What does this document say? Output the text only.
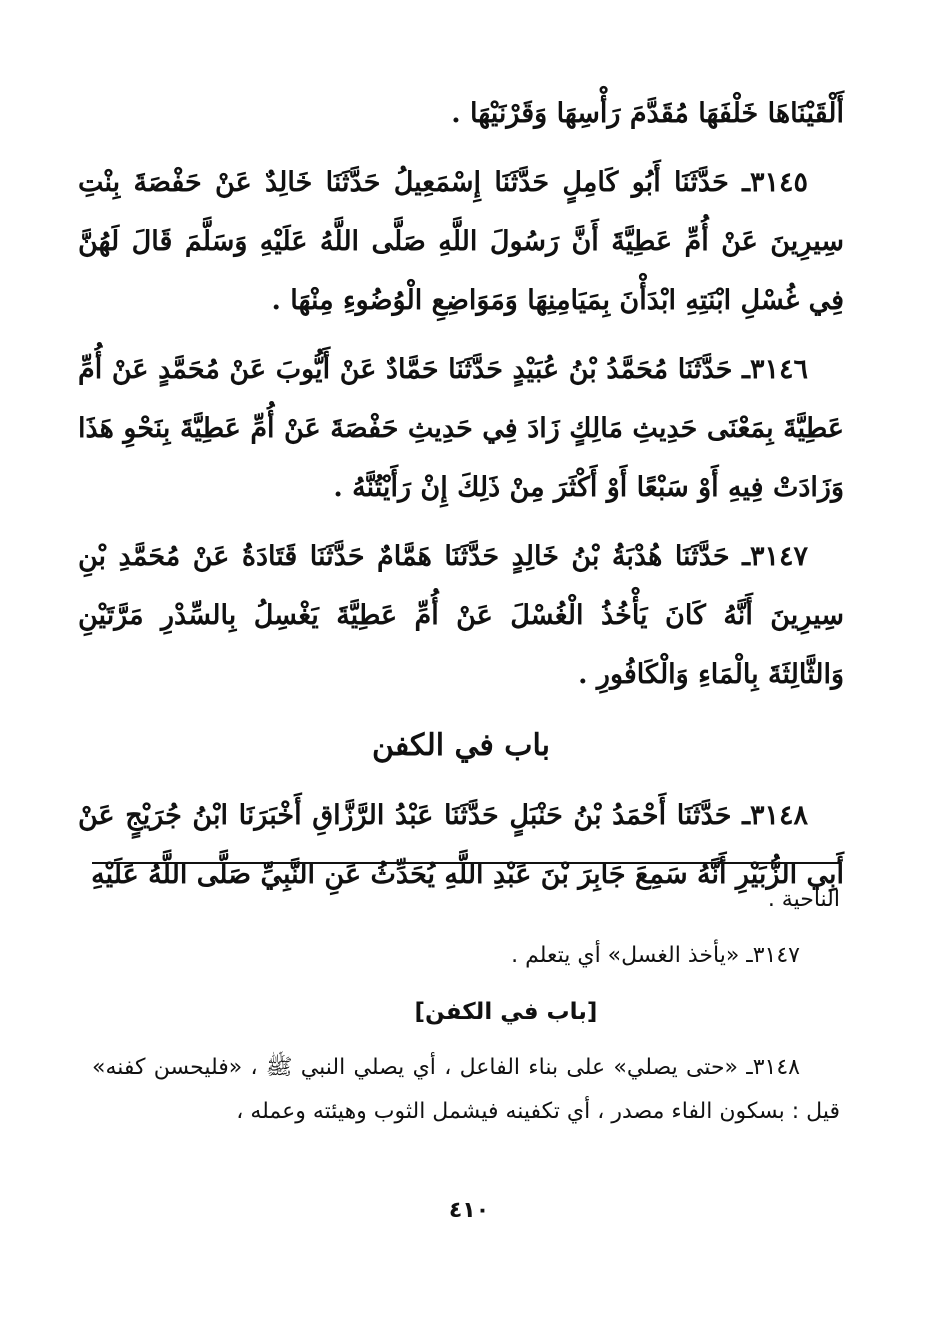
أَلْقَيْنَاهَا خَلْفَهَا مُقَدَّمَ رَأْسِهَا وَقَرْنَيْهَا .

٣١٤٥ـ حَدَّثَنَا أَبُو كَامِلٍ حَدَّثَنَا إِسْمَعِيلُ حَدَّثَنَا خَالِدٌ عَنْ حَفْصَةَ بِنْتِ سِيرِينَ عَنْ أُمِّ عَطِيَّةَ أَنَّ رَسُولَ اللَّهِ صَلَّى اللَّهُ عَلَيْهِ وَسَلَّمَ قَالَ لَهُنَّ فِي غُسْلِ ابْنَتِهِ ابْدَأْنَ بِمَيَامِنِهَا وَمَوَاضِعِ الْوُضُوءِ مِنْهَا .

٣١٤٦ـ حَدَّثَنَا مُحَمَّدُ بْنُ عُبَيْدٍ حَدَّثَنَا حَمَّادٌ عَنْ أَيُّوبَ عَنْ مُحَمَّدٍ عَنْ أُمِّ عَطِيَّةَ بِمَعْنَى حَدِيثِ مَالِكٍ زَادَ فِي حَدِيثِ حَفْصَةَ عَنْ أُمِّ عَطِيَّةَ بِنَحْوِ هَذَا وَزَادَتْ فِيهِ أَوْ سَبْعًا أَوْ أَكْثَرَ مِنْ ذَلِكَ إِنْ رَأَيْتُنَّهُ .

٣١٤٧ـ حَدَّثَنَا هُدْبَةُ بْنُ خَالِدٍ حَدَّثَنَا هَمَّامٌ حَدَّثَنَا قَتَادَةُ عَنْ مُحَمَّدِ بْنِ سِيرِينَ أَنَّهُ كَانَ يَأْخُذُ الْغُسْلَ عَنْ أُمِّ عَطِيَّةَ يَغْسِلُ بِالسِّدْرِ مَرَّتَيْنِ وَالثَّالِثَةَ بِالْمَاءِ وَالْكَافُورِ .

باب في الكفن

٣١٤٨ـ حَدَّثَنَا أَحْمَدُ بْنُ حَنْبَلٍ حَدَّثَنَا عَبْدُ الرَّزَّاقِ أَخْبَرَنَا ابْنُ جُرَيْجٍ عَنْ أَبِي الزُّبَيْرِ أَنَّهُ سَمِعَ جَابِرَ بْنَ عَبْدِ اللَّهِ يُحَدِّثُ عَنِ النَّبِيِّ صَلَّى اللَّهُ عَلَيْهِ

الناحية .

٣١٤٧ـ «يأخذ الغسل» أي يتعلم .

[باب في الكفن]

٣١٤٨ـ «حتى يصلي» على بناء الفاعل ، أي يصلي النبي ﷺ ، «فليحسن كفنه» قيل : بسكون الفاء مصدر ، أي تكفينه فيشمل الثوب وهيئته وعمله ،

٤١٠
